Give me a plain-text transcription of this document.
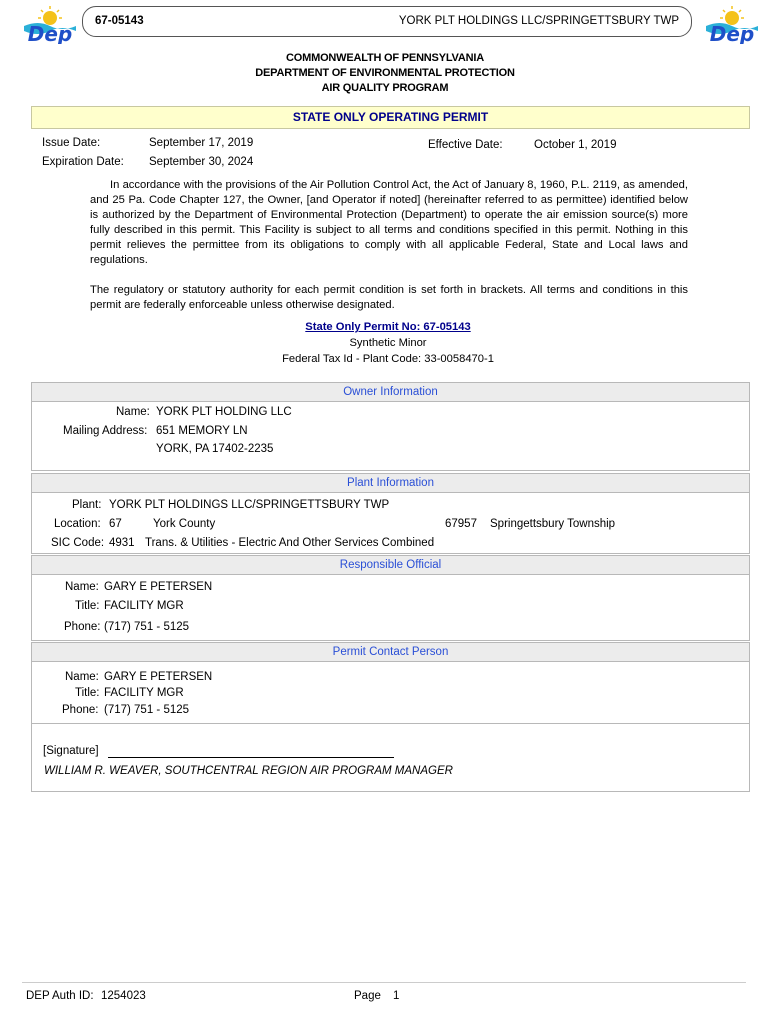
Dep	Dep
67-05143	YORK PLT HOLDINGS LLC/SPRINGETTSBURY TWP
COMMONWEALTH OF PENNSYLVANIA
DEPARTMENT OF ENVIRONMENTAL PROTECTION
AIR QUALITY PROGRAM
STATE ONLY OPERATING PERMIT
Issue Date:	September 17, 2019	Effective Date:	October 1, 2019
Expiration Date: September 30, 2024
In accordance with the provisions of the Air Pollution Control Act, the Act of January 8, 1960, P.L. 2119, as amended, and 25 Pa. Code Chapter 127, the Owner, [and Operator if noted] (hereinafter referred to as permittee) identified below is authorized by the Department of Environmental Protection (Department) to operate the air emission source(s) more fully described in this permit. This Facility is subject to all terms and conditions specified in this permit. Nothing in this permit relieves the permittee from its obligations to comply with all applicable Federal, State and Local laws and regulations.
The regulatory or statutory authority for each permit condition is set forth in brackets. All terms and conditions in this permit are federally enforceable unless otherwise designated.
State Only Permit No: 67-05143
Synthetic Minor
Federal Tax Id - Plant Code: 33-0058470-1
Owner Information
Name: YORK PLT HOLDING LLC
Mailing Address: 651 MEMORY LN
YORK, PA 17402-2235
Plant Information
Plant: YORK PLT HOLDINGS LLC/SPRINGETTSBURY TWP
Location: 67	York County	67957 Springettsbury Township
SIC Code: 4931 Trans. & Utilities - Electric And Other Services Combined
Responsible Official
Name: GARY E PETERSEN
Title: FACILITY MGR
Phone: (717) 751 - 5125
Permit Contact Person
Name: GARY E PETERSEN
Title: FACILITY MGR
Phone: (717) 751 - 5125
[Signature]
WILLIAM R. WEAVER, SOUTHCENTRAL REGION AIR PROGRAM MANAGER
DEP Auth ID: 1254023	Page 1
